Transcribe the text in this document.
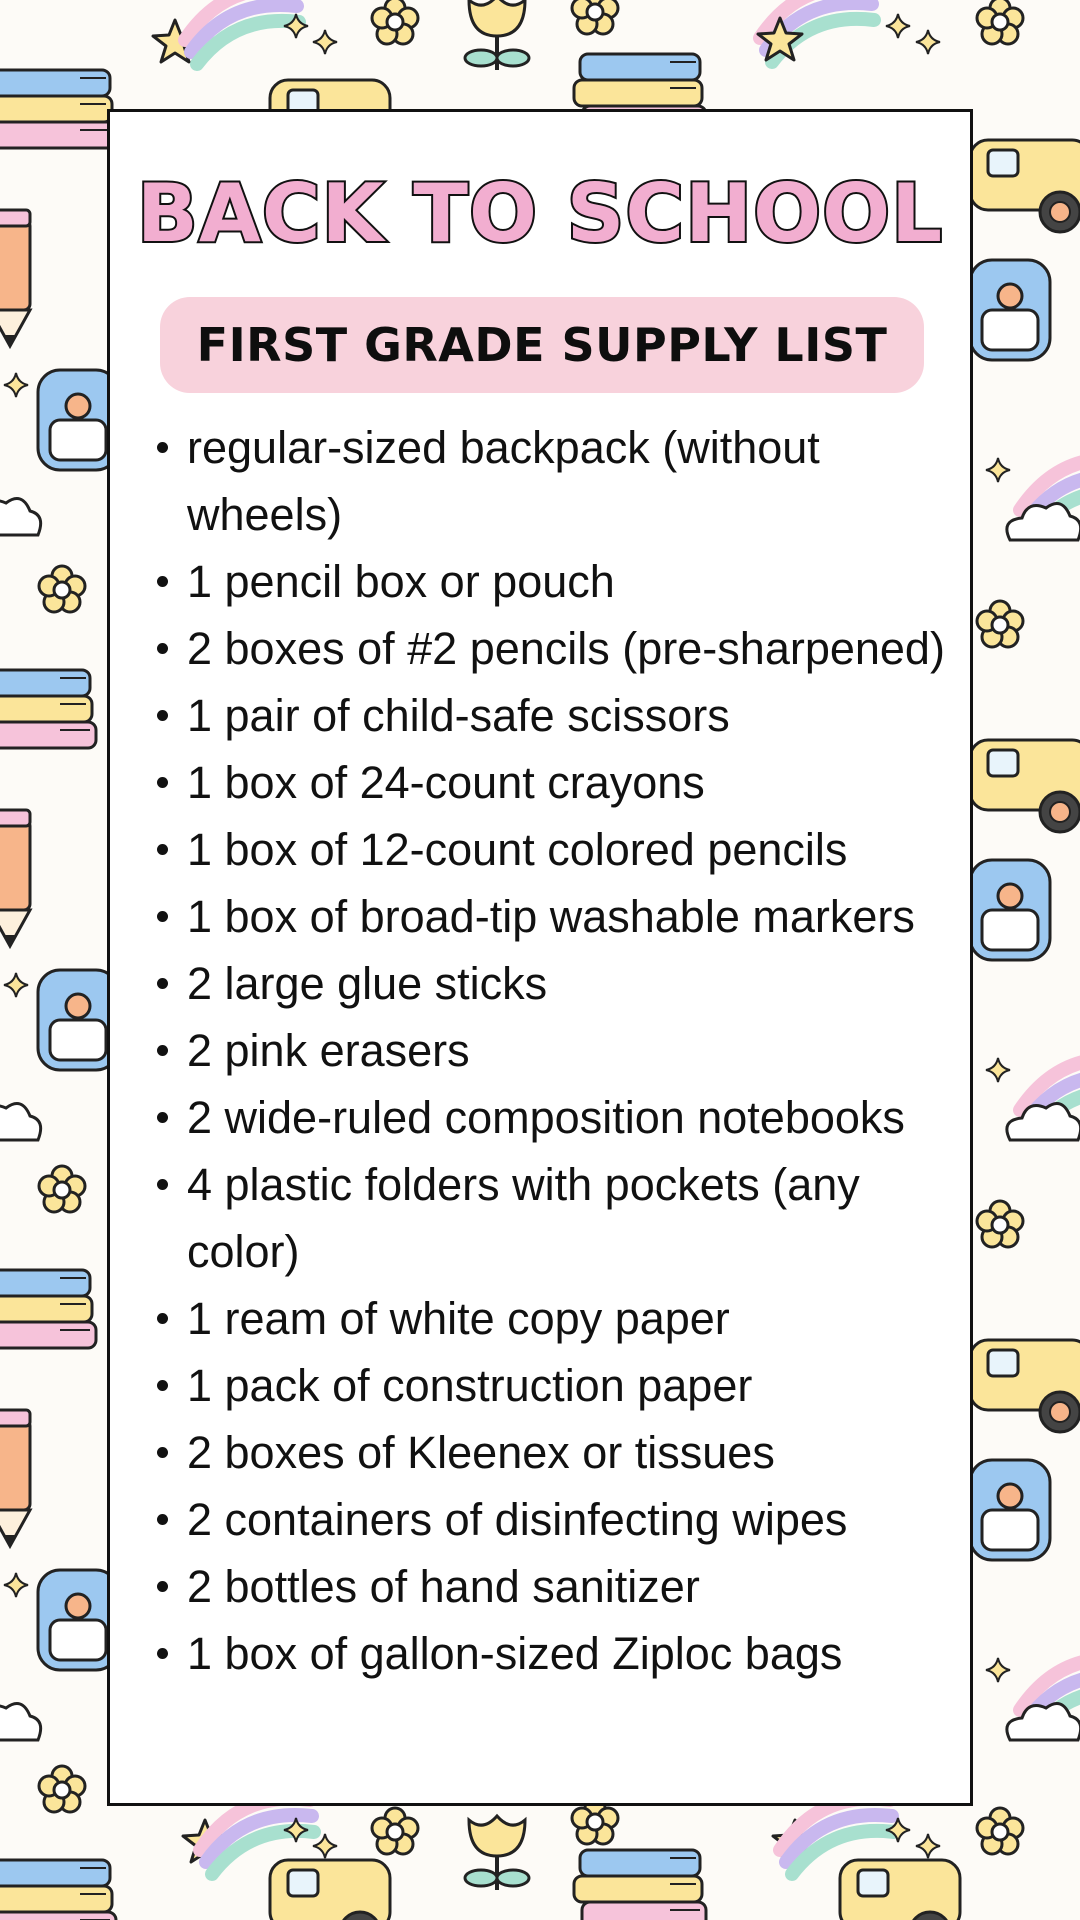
BACK TO SCHOOL
FIRST GRADE SUPPLY LIST
regular-sized backpack (without wheels)
1 pencil box or pouch
2 boxes of #2 pencils (pre-sharpened)
1 pair of child-safe scissors
1 box of 24-count crayons
1 box of 12-count colored pencils
1 box of broad-tip washable markers
2 large glue sticks
2 pink erasers
2 wide-ruled composition notebooks
4 plastic folders with pockets (any color)
1 ream of white copy paper
1 pack of construction paper
2 boxes of Kleenex or tissues
2 containers of disinfecting wipes
2 bottles of hand sanitizer
1 box of gallon-sized Ziploc bags
